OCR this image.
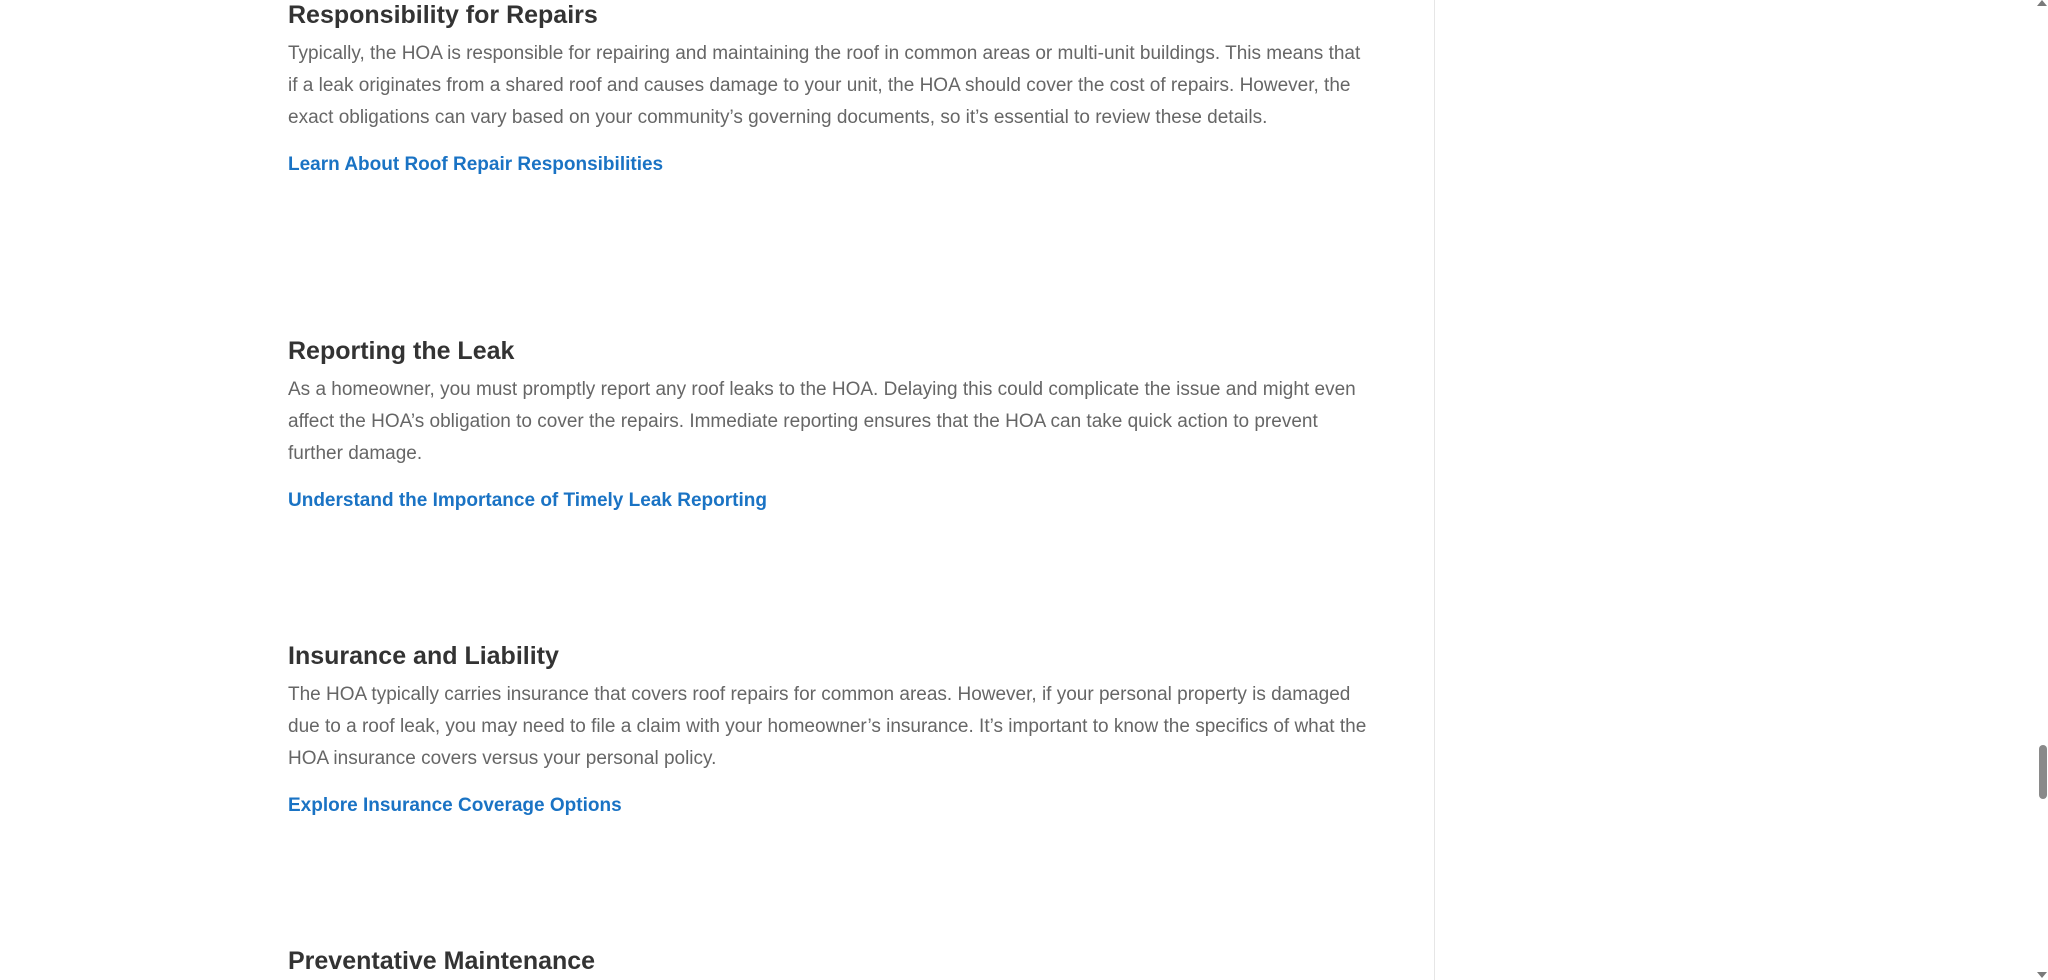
Responsibility for Repairs

Typically, the HOA is responsible for repairing and maintaining the roof in common areas or multi-unit buildings. This means that if a leak originates from a shared roof and causes damage to your unit, the HOA should cover the cost of repairs. However, the exact obligations can vary based on your community’s governing documents, so it’s essential to review these details.

Learn About Roof Repair Responsibilities
Reporting the Leak

As a homeowner, you must promptly report any roof leaks to the HOA. Delaying this could complicate the issue and might even affect the HOA’s obligation to cover the repairs. Immediate reporting ensures that the HOA can take quick action to prevent further damage.

Understand the Importance of Timely Leak Reporting
Insurance and Liability

The HOA typically carries insurance that covers roof repairs for common areas. However, if your personal property is damaged due to a roof leak, you may need to file a claim with your homeowner’s insurance. It’s important to know the specifics of what the HOA insurance covers versus your personal policy.

Explore Insurance Coverage Options
Preventative Maintenance
